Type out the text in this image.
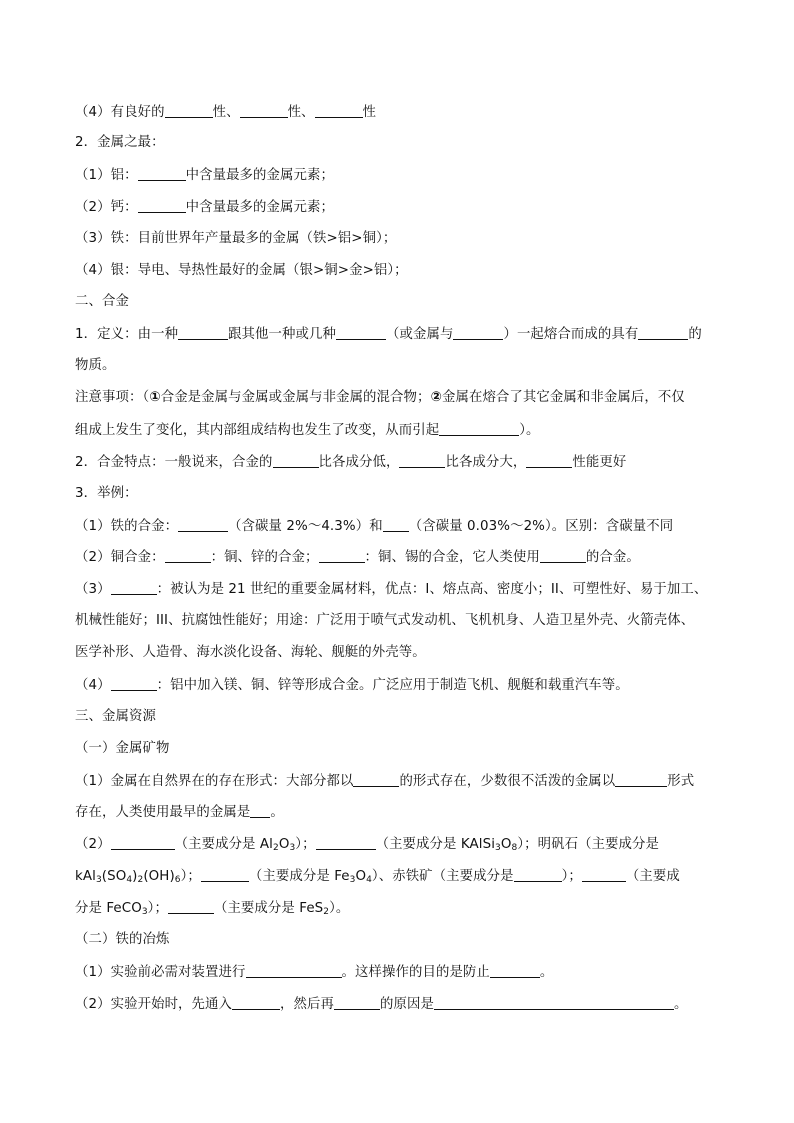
（4）有良好的	性、	性、	性
2．金属之最：
（1）铝：	中含量最多的金属元素；
（2）钙：	中含量最多的金属元素；
（3）铁：目前世界年产量最多的金属（铁>铝>铜）；
（4）银：导电、导热性最好的金属（银>铜>金>铝）；
二、合金
1．定义：由一种	跟其他一种或几种	（或金属与	）一起熔合而成的具有	的
物质。
注意事项：（①合金是金属与金属或金属与非金属的混合物；②金属在熔合了其它金属和非金属后，不仅
组成上发生了变化，其内部组成结构也发生了改变，从而引起	）。
2．合金特点：一般说来，合金的	比各成分低，	比各成分大，	性能更好
3．举例：
（1）铁的合金：	（含碳量 2%～4.3%）和 （含碳量 0.03%～2%）。区别：含碳量不同
（2）铜合金：	：铜、锌的合金；	：铜、锡的合金，它人类使用	的合金。
（3）	：被认为是 21 世纪的重要金属材料，优点：I、熔点高、密度小；II、可塑性好、易于加工、
机械性能好；III、抗腐蚀性能好；用途：广泛用于喷气式发动机、飞机机身、人造卫星外壳、火箭壳体、
医学补形、人造骨、海水淡化设备、海轮、舰艇的外壳等。
（4）	：铝中加入镁、铜、锌等形成合金。广泛应用于制造飞机、舰艇和载重汽车等。
三、金属资源
（一）金属矿物
（1）金属在自然界在的存在形式：大部分都以	的形式存在，少数很不活泼的金属以	形式
存在，人类使用最早的金属是 。
（2）	（主要成分是 $Al_2O_3$）；	（主要成分是 $KAlSi_3O_8$）；明矾石（主要成分是
$kAl_3(SO_4)_2(OH)_6$）；	（主要成分是 $Fe_3O_4$）、赤铁矿（主要成分是	）；	（主要成
分是 FeCO$_3$）；	（主要成分是 FeS$_2$）。
（二）铁的冶炼
（1）实验前必需对装置进行	。这样操作的目的是防止	。
（2）实验开始时，先通入	，然后再	的原因是	。
